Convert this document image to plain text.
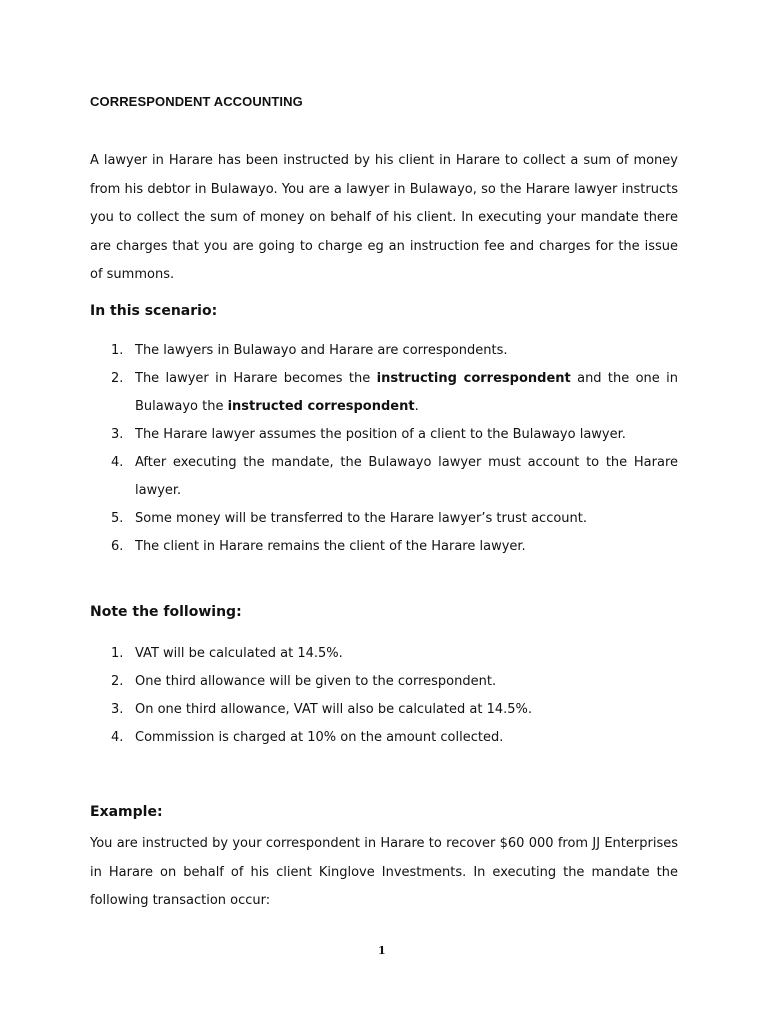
CORRESPONDENT ACCOUNTING

A lawyer in Harare has been instructed by his client in Harare to collect a sum of money from his debtor in Bulawayo. You are a lawyer in Bulawayo, so the Harare lawyer instructs you to collect the sum of money on behalf of his client. In executing your mandate there are charges that you are going to charge eg an instruction fee and charges for the issue of summons.

In this scenario:
1. The lawyers in Bulawayo and Harare are correspondents.
2. The lawyer in Harare becomes the instructing correspondent and the one in Bulawayo the instructed correspondent.
3. The Harare lawyer assumes the position of a client to the Bulawayo lawyer.
4. After executing the mandate, the Bulawayo lawyer must account to the Harare lawyer.
5. Some money will be transferred to the Harare lawyer’s trust account.
6. The client in Harare remains the client of the Harare lawyer.
Note the following:
1. VAT will be calculated at 14.5%.
2. One third allowance will be given to the correspondent.
3. On one third allowance, VAT will also be calculated at 14.5%.
4. Commission is charged at 10% on the amount collected.
Example:

You are instructed by your correspondent in Harare to recover $60 000 from JJ Enterprises in Harare on behalf of his client Kinglove Investments. In executing the mandate the following transaction occur:

1
